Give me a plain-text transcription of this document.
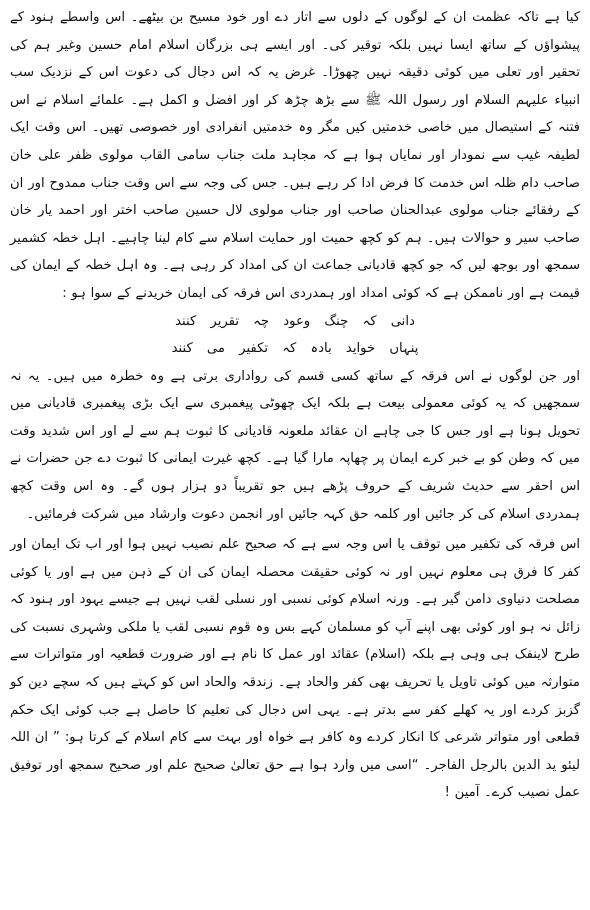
کیا ہے تاکہ عظمت ان کے لوگوں کے دلوں سے اتار دے اور خود مسیح بن بیٹھے۔ اس واسطے ہنود کے پیشواؤں کے ساتھ ایسا نہیں بلکہ توقیر کی۔ اور ایسے ہی بزرگان اسلام امام حسین وغیر ہم کی تحقیر اور تعلی میں کوئی دقیقہ نہیں چھوڑا۔ غرض یہ کہ اس دجال کی دعوت اس کے نزدیک سب انبیاء علیہم السلام اور رسول اللہ ﷺ سے بڑھ چڑھ کر اور افضل و اکمل ہے۔ علمائے اسلام نے اس فتنہ کے استیصال میں خاصی خدمتیں کیں مگر وہ خدمتیں انفرادی اور خصوصی تھیں۔ اس وقت ایک لطیفہ غیب سے نمودار اور نمایاں ہوا ہے کہ مجاہد ملت جناب سامی القاب مولوی ظفر علی خان صاحب دام ظلہ اس خدمت کا فرض ادا کر رہے ہیں۔ جس کی وجہ سے اس وقت جناب ممدوح اور ان کے رفقائے جناب مولوی عبدالحنان صاحب اور جناب مولوی لال حسین صاحب اختر اور احمد یار خان صاحب سیر و حوالات ہیں۔ ہم کو کچھ حمیت اور حمایت اسلام سے کام لینا چاہیے۔ اہل خطہ کشمیر سمجھ اور بوجھ لیں کہ جو کچھ قادیانی جماعت ان کی امداد کر رہی ہے۔ وہ اہل خطہ کے ایمان کی قیمت ہے اور ناممکن ہے کہ کوئی امداد اور ہمدردی اس فرقہ کی ایمان خریدنے کے سوا ہو :

دانی کہ چنگ وعود چہ تقریر کنند
پنہاں خواید بادہ کہ تکفیر می کنند

اور جن لوگوں نے اس فرقہ کے ساتھ کسی قسم کی رواداری برتی ہے وہ خطرہ میں ہیں۔ یہ نہ سمجھیں کہ یہ کوئی معمولی بیعت ہے بلکہ ایک چھوٹی پیغمبری سے ایک بڑی پیغمبری قادیانی میں تحویل ہونا ہے اور جس کا جی چاہے ان عقائد ملعونہ قادیانی کا ثبوت ہم سے لے اور اس شدید وقت میں کہ وطن کو بے خبر کرے ایمان پر چھاپہ مارا گیا ہے۔ کچھ غیرت ایمانی کا ثبوت دے جن حضرات نے اس احقر سے حدیث شریف کے حروف پڑھے ہیں جو تقریباً دو ہزار ہوں گے۔ وہ اس وقت کچھ ہمدردی اسلام کی کر جائیں اور کلمہ حق کہہ جائیں اور انجمن دعوت وارشاد میں شرکت فرمائیں۔

اس فرقہ کی تکفیر میں توقف یا اس وجہ سے ہے کہ صحیح علم نصیب نہیں ہوا اور اب تک ایمان اور کفر کا فرق ہی معلوم نہیں اور نہ کوئی حقیقت محصلہ ایمان کی ان کے ذہن میں ہے اور یا کوئی مصلحت دنیاوی دامن گیر ہے۔ ورنہ اسلام کوئی نسبی اور نسلی لقب نہیں ہے جیسے یہود اور ہنود کہ زائل نہ ہو اور کوئی بھی اپنے آپ کو مسلمان کہے بس وہ قوم نسبی لقب یا ملکی وشہری نسبت کی طرح لاینفک ہی وہی ہے بلکہ (اسلام) عقائد اور عمل کا نام ہے اور ضرورت قطعیہ اور متواترات سے متوارثہ میں کوئی تاویل یا تحریف بھی کفر والحاد ہے۔ زندقہ والحاد اس کو کہتے ہیں کہ سچے دین کو گزبز کردے اور یہ کھلے کفر سے بدتر ہے۔ یہی اس دجال کی تعلیم کا حاصل ہے جب کوئی ایک حکم قطعی اور متواتر شرعی کا انکار کردے وہ کافر ہے خواہ اور بہت سے کام اسلام کے کرتا ہو: ” ان اللہ لیئو ید الدین بالرجل الفاجر۔ “اسی میں وارد ہوا ہے حق تعالیٰ صحیح علم اور صحیح سمجھ اور توفیق عمل نصیب کرے۔ آمین !
